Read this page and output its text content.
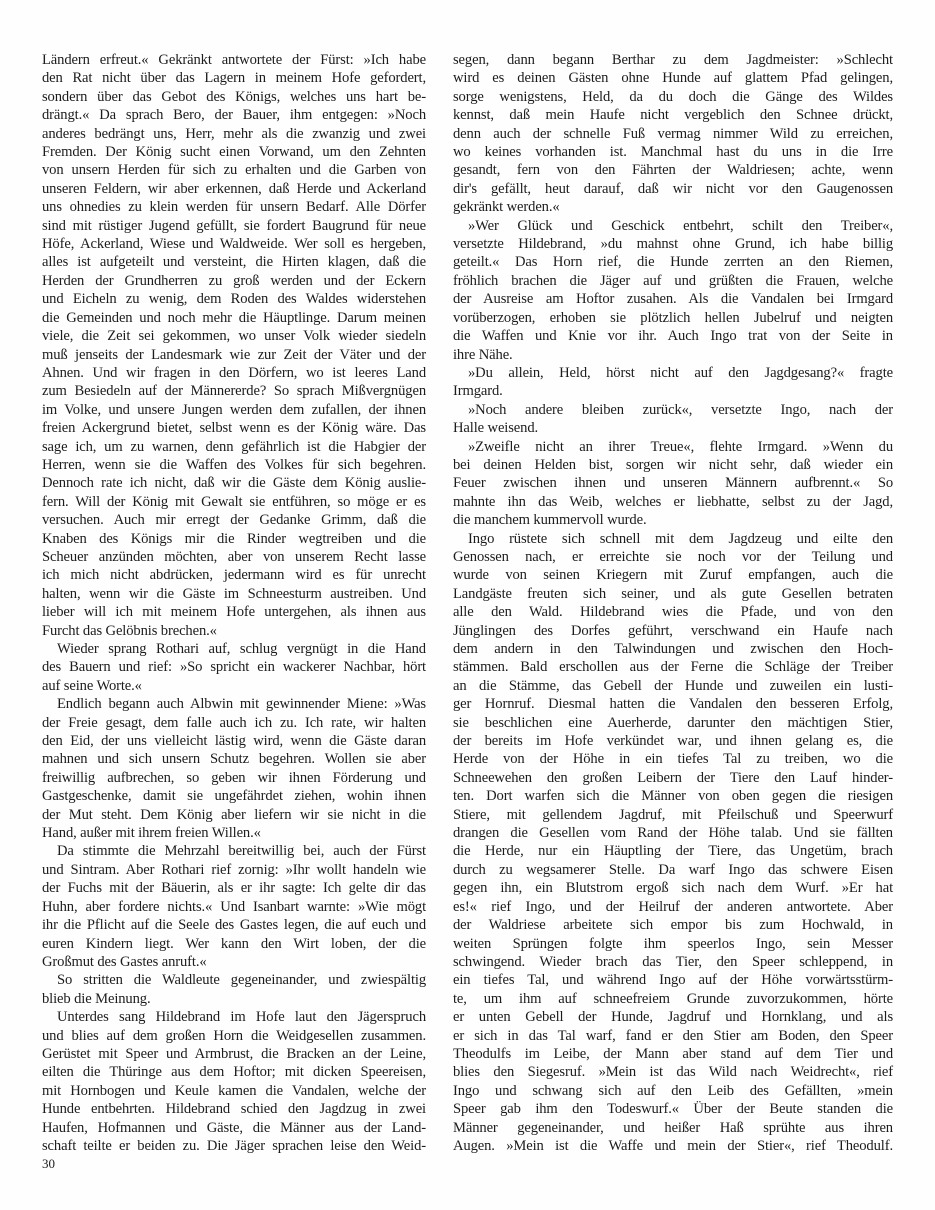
Ländern erfreut.« Gekränkt antwortete der Fürst: »Ich habe
den Rat nicht über das Lagern in meinem Hofe gefordert,
sondern über das Gebot des Königs, welches uns hart be-
drängt.« Da sprach Bero, der Bauer, ihm entgegen: »Noch
anderes bedrängt uns, Herr, mehr als die zwanzig und zwei
Fremden. Der König sucht einen Vorwand, um den Zehnten
von unsern Herden für sich zu erhalten und die Garben von
unseren Feldern, wir aber erkennen, daß Herde und Ackerland
uns ohnedies zu klein werden für unsern Bedarf. Alle Dörfer
sind mit rüstiger Jugend gefüllt, sie fordert Baugrund für neue
Höfe, Ackerland, Wiese und Waldweide. Wer soll es hergeben,
alles ist aufgeteilt und versteint, die Hirten klagen, daß die
Herden der Grundherren zu groß werden und der Eckern
und Eicheln zu wenig, dem Roden des Waldes widerstehen
die Gemeinden und noch mehr die Häuptlinge. Darum meinen
viele, die Zeit sei gekommen, wo unser Volk wieder siedeln
muß jenseits der Landesmark wie zur Zeit der Väter und der
Ahnen. Und wir fragen in den Dörfern, wo ist leeres Land
zum Besiedeln auf der Männererde? So sprach Mißvergnügen
im Volke, und unsere Jungen werden dem zufallen, der ihnen
freien Ackergrund bietet, selbst wenn es der König wäre. Das
sage ich, um zu warnen, denn gefährlich ist die Habgier der
Herren, wenn sie die Waffen des Volkes für sich begehren.
Dennoch rate ich nicht, daß wir die Gäste dem König auslie-
fern. Will der König mit Gewalt sie entführen, so möge er es
versuchen. Auch mir erregt der Gedanke Grimm, daß die
Knaben des Königs mir die Rinder wegtreiben und die
Scheuer anzünden möchten, aber von unserem Recht lasse
ich mich nicht abdrücken, jedermann wird es für unrecht
halten, wenn wir die Gäste im Schneesturm austreiben. Und
lieber will ich mit meinem Hofe untergehen, als ihnen aus
Furcht das Gelöbnis brechen.«
Wieder sprang Rothari auf, schlug vergnügt in die Hand
des Bauern und rief: »So spricht ein wackerer Nachbar, hört
auf seine Worte.«
Endlich begann auch Albwin mit gewinnender Miene: »Was
der Freie gesagt, dem falle auch ich zu. Ich rate, wir halten
den Eid, der uns vielleicht lästig wird, wenn die Gäste daran
mahnen und sich unsern Schutz begehren. Wollen sie aber
freiwillig aufbrechen, so geben wir ihnen Förderung und
Gastgeschenke, damit sie ungefährdet ziehen, wohin ihnen
der Mut steht. Dem König aber liefern wir sie nicht in die
Hand, außer mit ihrem freien Willen.«
Da stimmte die Mehrzahl bereitwillig bei, auch der Fürst
und Sintram. Aber Rothari rief zornig: »Ihr wollt handeln wie
der Fuchs mit der Bäuerin, als er ihr sagte: Ich gelte dir das
Huhn, aber fordere nichts.« Und Isanbart warnte: »Wie mögt
ihr die Pflicht auf die Seele des Gastes legen, die auf euch und
euren Kindern liegt. Wer kann den Wirt loben, der die
Großmut des Gastes anruft.«
So stritten die Waldleute gegeneinander, und zwiespältig
blieb die Meinung.
Unterdes sang Hildebrand im Hofe laut den Jägerspruch
und blies auf dem großen Horn die Weidgesellen zusammen.
Gerüstet mit Speer und Armbrust, die Bracken an der Leine,
eilten die Thüringe aus dem Hoftor; mit dicken Speereisen,
mit Hornbogen und Keule kamen die Vandalen, welche der
Hunde entbehrten. Hildebrand schied den Jagdzug in zwei
Haufen, Hofmannen und Gäste, die Männer aus der Land-
schaft teilte er beiden zu. Die Jäger sprachen leise den Weid-
segen, dann begann Berthar zu dem Jagdmeister: »Schlecht
wird es deinen Gästen ohne Hunde auf glattem Pfad gelingen,
sorge wenigstens, Held, da du doch die Gänge des Wildes
kennst, daß mein Haufe nicht vergeblich den Schnee drückt,
denn auch der schnelle Fuß vermag nimmer Wild zu erreichen,
wo keines vorhanden ist. Manchmal hast du uns in die Irre
gesandt, fern von den Fährten der Waldriesen; achte, wenn
dir's gefällt, heut darauf, daß wir nicht vor den Gaugenossen
gekränkt werden.«
»Wer Glück und Geschick entbehrt, schilt den Treiber«,
versetzte Hildebrand, »du mahnst ohne Grund, ich habe billig
geteilt.« Das Horn rief, die Hunde zerrten an den Riemen,
fröhlich brachen die Jäger auf und grüßten die Frauen, welche
der Ausreise am Hoftor zusahen. Als die Vandalen bei Irmgard
vorüberzogen, erhoben sie plötzlich hellen Jubelruf und neigten
die Waffen und Knie vor ihr. Auch Ingo trat von der Seite in
ihre Nähe.
»Du allein, Held, hörst nicht auf den Jagdgesang?« fragte
Irmgard.
»Noch andere bleiben zurück«, versetzte Ingo, nach der
Halle weisend.
»Zweifle nicht an ihrer Treue«, flehte Irmgard. »Wenn du
bei deinen Helden bist, sorgen wir nicht sehr, daß wieder ein
Feuer zwischen ihnen und unseren Männern aufbrennt.« So
mahnte ihn das Weib, welches er liebhatte, selbst zu der Jagd,
die manchem kummervoll wurde.
Ingo rüstete sich schnell mit dem Jagdzeug und eilte den
Genossen nach, er erreichte sie noch vor der Teilung und
wurde von seinen Kriegern mit Zuruf empfangen, auch die
Landgäste freuten sich seiner, und als gute Gesellen betraten
alle den Wald. Hildebrand wies die Pfade, und von den
Jünglingen des Dorfes geführt, verschwand ein Haufe nach
dem andern in den Talwindungen und zwischen den Hoch-
stämmen. Bald erschollen aus der Ferne die Schläge der Treiber
an die Stämme, das Gebell der Hunde und zuweilen ein lusti-
ger Hornruf. Diesmal hatten die Vandalen den besseren Erfolg,
sie beschlichen eine Auerherde, darunter den mächtigen Stier,
der bereits im Hofe verkündet war, und ihnen gelang es, die
Herde von der Höhe in ein tiefes Tal zu treiben, wo die
Schneewehen den großen Leibern der Tiere den Lauf hinder-
ten. Dort warfen sich die Männer von oben gegen die riesigen
Stiere, mit gellendem Jagdruf, mit Pfeilschuß und Speerwurf
drangen die Gesellen vom Rand der Höhe talab. Und sie fällten
die Herde, nur ein Häuptling der Tiere, das Ungetüm, brach
durch zu wegsamerer Stelle. Da warf Ingo das schwere Eisen
gegen ihn, ein Blutstrom ergoß sich nach dem Wurf. »Er hat
es!« rief Ingo, und der Heilruf der anderen antwortete. Aber
der Waldriese arbeitete sich empor bis zum Hochwald, in
weiten Sprüngen folgte ihm speerlos Ingo, sein Messer
schwingend. Wieder brach das Tier, den Speer schleppend, in
ein tiefes Tal, und während Ingo auf der Höhe vorwärtsstürm-
te, um ihm auf schneefreiem Grunde zuvorzukommen, hörte
er unten Gebell der Hunde, Jagdruf und Hornklang, und als
er sich in das Tal warf, fand er den Stier am Boden, den Speer
Theodulfs im Leibe, der Mann aber stand auf dem Tier und
blies den Siegesruf. »Mein ist das Wild nach Weidrecht«, rief
Ingo und schwang sich auf den Leib des Gefällten, »mein
Speer gab ihm den Todeswurf.« Über der Beute standen die
Männer gegeneinander, und heißer Haß sprühte aus ihren
Augen. »Mein ist die Waffe und mein der Stier«, rief Theodulf.
30
